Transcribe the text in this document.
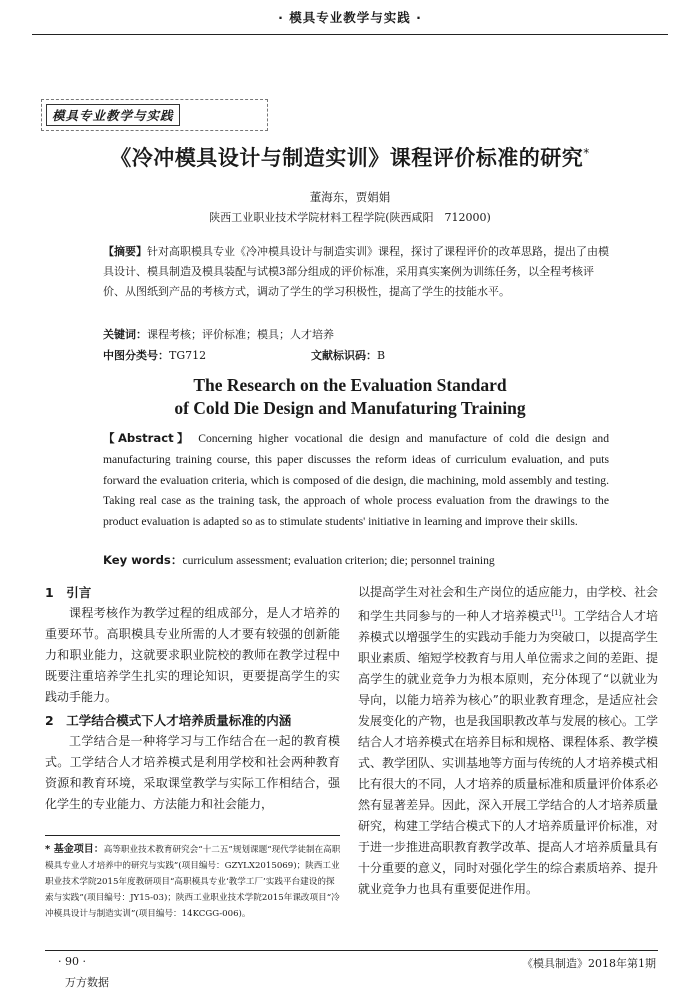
· 模具专业教学与实践 ·
模具专业教学与实践
《冷冲模具设计与制造实训》课程评价标准的研究*
董海东，贾娟娟
陕西工业职业技术学院材料工程学院(陕西咸阳　712000)
【摘要】针对高职模具专业《冷冲模具设计与制造实训》课程，探讨了课程评价的改革思路，提出了由模具设计、模具制造及模具装配与试模3部分组成的评价标准，采用真实案例为训练任务，以全程考核评价、从图纸到产品的考核方式，调动了学生的学习积极性，提高了学生的技能水平。
关键词：课程考核；评价标准；模具；人才培养
中图分类号：TG712	文献标识码：B
The Research on the Evaluation Standard
of Cold Die Design and Manufaturing Training
【Abstract】 Concerning higher vocational die design and manufacture of cold die design and manufacturing training course, this paper discusses the reform ideas of curriculum evaluation, and puts forward the evaluation criteria, which is composed of die design, die machining, mold assembly and testing. Taking real case as the training task, the approach of whole process evaluation from the drawings to the product evaluation is adapted so as to stimulate students' initiative in learning and improve their skills.
Key words：curriculum assessment; evaluation criterion; die; personnel training
1　引言

课程考核作为教学过程的组成部分，是人才培养的重要环节。高职模具专业所需的人才要有较强的创新能力和职业能力，这就要求职业院校的教师在教学过程中既要注重培养学生扎实的理论知识，更要提高学生的实践动手能力。

2　工学结合模式下人才培养质量标准的内涵

工学结合是一种将学习与工作结合在一起的教育模式。工学结合人才培养模式是利用学校和社会两种教育资源和教育环境，采取课堂教学与实际工作相结合，强化学生的专业能力、方法能力和社会能力，

以提高学生对社会和生产岗位的适应能力，由学校、社会和学生共同参与的一种人才培养模式[1]。工学结合人才培养模式以增强学生的实践动手能力为突破口，以提高学生职业素质、缩短学校教育与用人单位需求之间的差距、提高学生的就业竞争力为根本原则，充分体现了“以就业为导向，以能力培养为核心”的职业教育理念，是适应社会发展变化的产物，也是我国职教改革与发展的核心。工学结合人才培养模式在培养目标和规格、课程体系、教学模式、教学团队、实训基地等方面与传统的人才培养模式相比有很大的不同，人才培养的质量标准和质量评价体系必然有显著差异。因此，深入开展工学结合的人才培养质量研究，构建工学结合模式下的人才培养质量评价标准，对于进一步推进高职教育教学改革、提高人才培养质量具有十分重要的意义，同时对强化学生的综合素质培养、提升就业竞争力也具有重要促进作用。

* 基金项目：高等职业技术教育研究会“十二五”规划课题“现代学徒制在高职模具专业人才培养中的研究与实践”(项目编号：GZYLX2015069)；陕西工业职业技术学院2015年度教研项目“高职模具专业‘教学工厂’实践平台建设的探索与实践”(项目编号：JY15-03)；陕西工业职业技术学院2015年课改项目“冷冲模具设计与制造实训”(项目编号：14KCGG-006)。
· 90 ·	《模具制造》2018年第1期
万方数据
